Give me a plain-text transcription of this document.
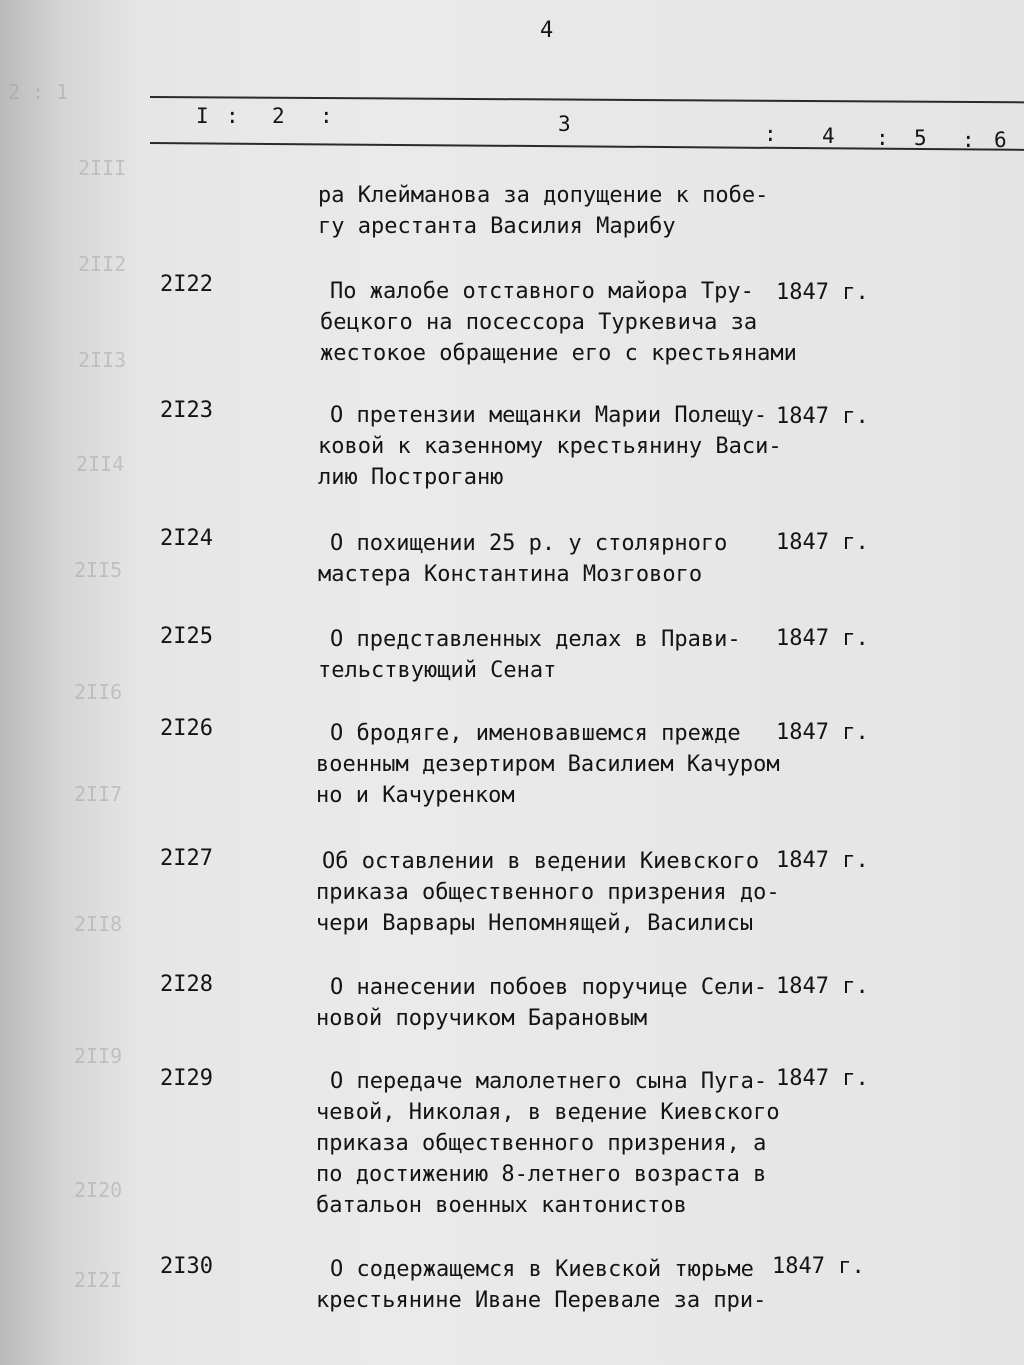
2 : 1
2III
2II2
2II3
2II4
2II5
2II6
2II7
2II8
2II9
2I20
2I2I
4
I : 2 :	3	: 4 : 5 : 6
ра Клейманова за допущение к побе-
гу арестанта Василия Марибу
2I22	По жалобе отставного майора Тру-
бецкого на посессора Туркевича за
жестокое обращение его с крестьянами
1847 г.
2I23	О претензии мещанки Марии Полещу-
ковой к казенному крестьянину Васи-
лию Построганю
1847 г.
2I24	О похищении 25 р. у столярного
мастера Константина Мозгового
1847 г.
2I25	О представленных делах в Прави-
тельствующий Сенат
1847 г.
2I26	О бродяге, именовавшемся прежде
военным дезертиром Василием Качуром
но и Качуренком
1847 г.
2I27	Об оставлении в ведении Киевского
приказа общественного призрения до-
чери Варвары Непомнящей, Василисы
1847 г.
2I28	О нанесении побоев поручице Сели-
новой поручиком Барановым
1847 г.
2I29	О передаче малолетнего сына Пуга-
чевой, Николая, в ведение Киевского
приказа общественного призрения, а
по достижению 8-летнего возраста в
батальон военных кантонистов
1847 г.
2I30	О содержащемся в Киевской тюрьме
крестьянине Иване Перевале за при-
1847 г.
